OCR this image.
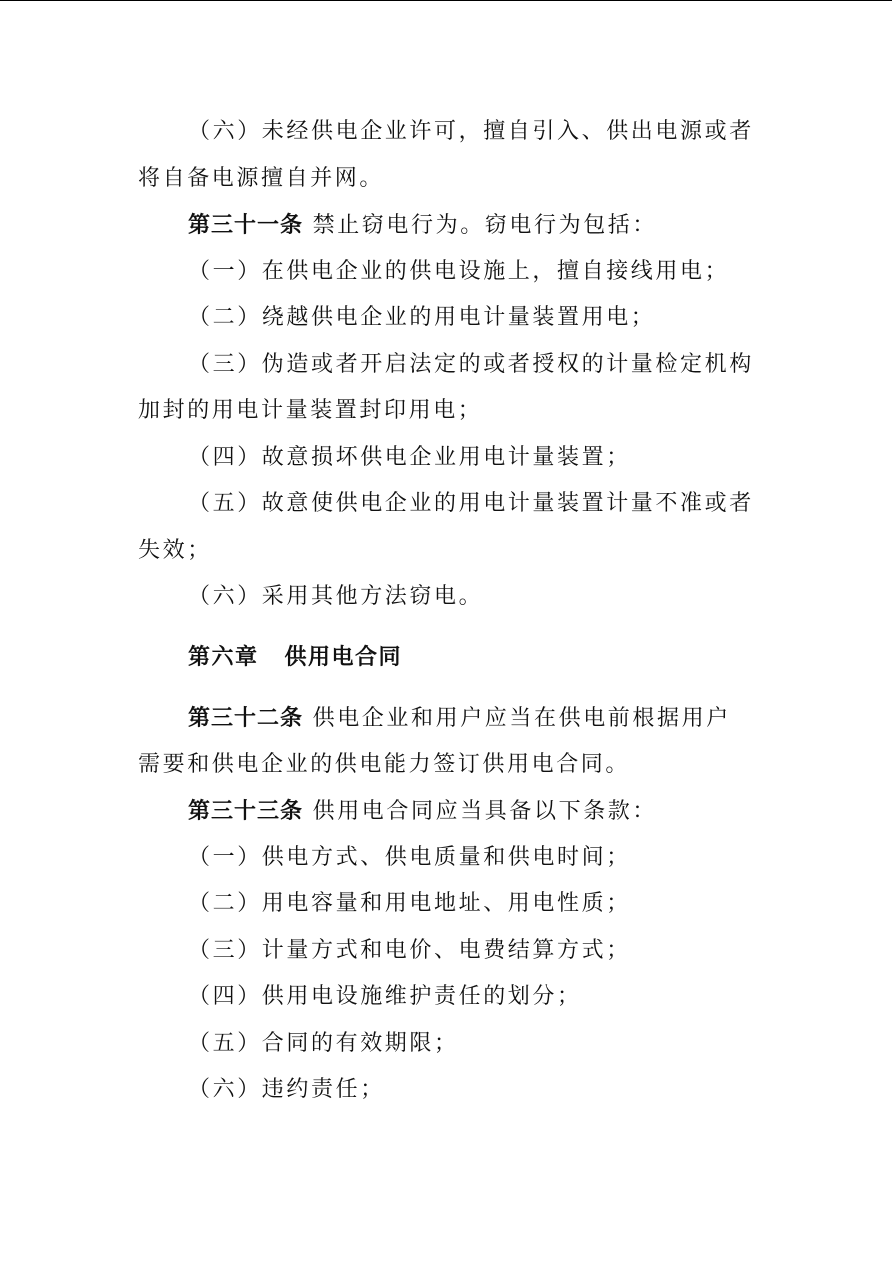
（六）未经供电企业许可，擅自引入、供出电源或者
将自备电源擅自并网。
第三十一条 禁止窃电行为。窃电行为包括：
（一）在供电企业的供电设施上，擅自接线用电；
（二）绕越供电企业的用电计量装置用电；
（三）伪造或者开启法定的或者授权的计量检定机构
加封的用电计量装置封印用电；
（四）故意损坏供电企业用电计量装置；
（五）故意使供电企业的用电计量装置计量不准或者
失效；
（六）采用其他方法窃电。
第六章 供用电合同
第三十二条 供电企业和用户应当在供电前根据用户
需要和供电企业的供电能力签订供用电合同。
第三十三条 供用电合同应当具备以下条款：
（一）供电方式、供电质量和供电时间；
（二）用电容量和用电地址、用电性质；
（三）计量方式和电价、电费结算方式；
（四）供用电设施维护责任的划分；
（五）合同的有效期限；
（六）违约责任；
